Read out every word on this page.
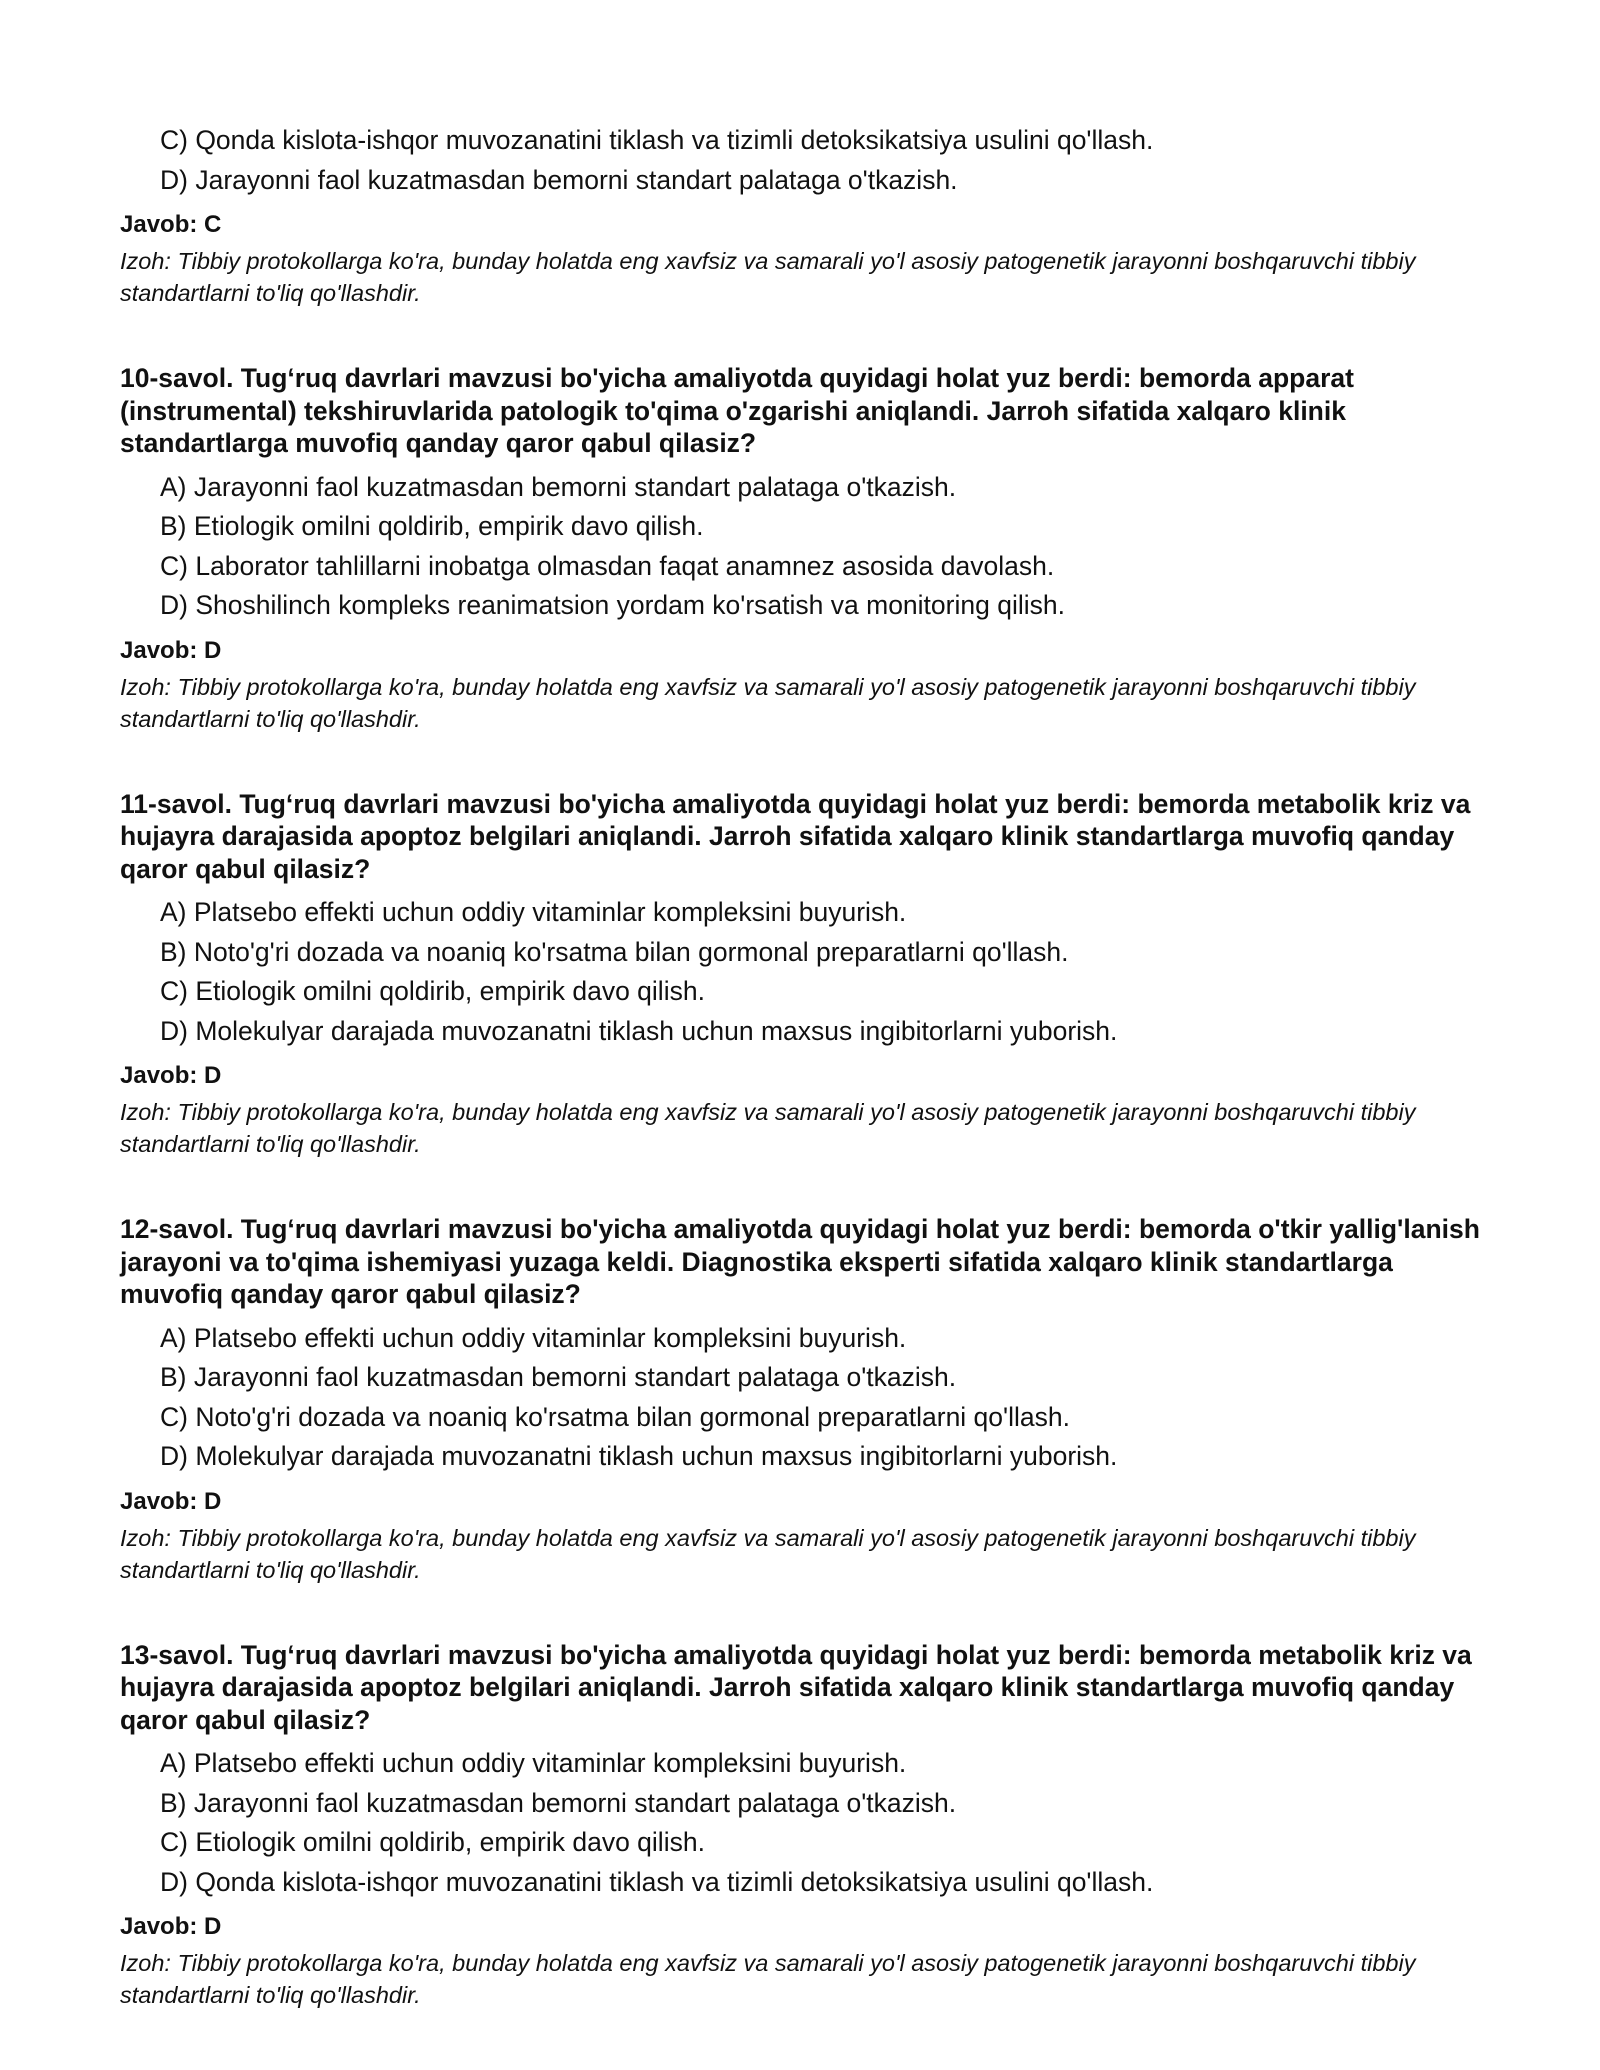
C) Qonda kislota-ishqor muvozanatini tiklash va tizimli detoksikatsiya usulini qo'llash.

D) Jarayonni faol kuzatmasdan bemorni standart palataga o'tkazish.

Javob: C

Izoh: Tibbiy protokollarga ko'ra, bunday holatda eng xavfsiz va samarali yo'l asosiy patogenetik jarayonni boshqaruvchi tibbiy standartlarni to'liq qo'llashdir.

10-savol. Tug‘ruq davrlari mavzusi bo'yicha amaliyotda quyidagi holat yuz berdi: bemorda apparat (instrumental) tekshiruvlarida patologik to'qima o'zgarishi aniqlandi. Jarroh sifatida xalqaro klinik standartlarga muvofiq qanday qaror qabul qilasiz?

A) Jarayonni faol kuzatmasdan bemorni standart palataga o'tkazish.

B) Etiologik omilni qoldirib, empirik davo qilish.

C) Laborator tahlillarni inobatga olmasdan faqat anamnez asosida davolash.

D) Shoshilinch kompleks reanimatsion yordam ko'rsatish va monitoring qilish.

Javob: D

Izoh: Tibbiy protokollarga ko'ra, bunday holatda eng xavfsiz va samarali yo'l asosiy patogenetik jarayonni boshqaruvchi tibbiy standartlarni to'liq qo'llashdir.

11-savol. Tug‘ruq davrlari mavzusi bo'yicha amaliyotda quyidagi holat yuz berdi: bemorda metabolik kriz va hujayra darajasida apoptoz belgilari aniqlandi. Jarroh sifatida xalqaro klinik standartlarga muvofiq qanday qaror qabul qilasiz?

A) Platsebo effekti uchun oddiy vitaminlar kompleksini buyurish.

B) Noto'g'ri dozada va noaniq ko'rsatma bilan gormonal preparatlarni qo'llash.

C) Etiologik omilni qoldirib, empirik davo qilish.

D) Molekulyar darajada muvozanatni tiklash uchun maxsus ingibitorlarni yuborish.

Javob: D

Izoh: Tibbiy protokollarga ko'ra, bunday holatda eng xavfsiz va samarali yo'l asosiy patogenetik jarayonni boshqaruvchi tibbiy standartlarni to'liq qo'llashdir.

12-savol. Tug‘ruq davrlari mavzusi bo'yicha amaliyotda quyidagi holat yuz berdi: bemorda o'tkir yallig'lanish jarayoni va to'qima ishemiyasi yuzaga keldi. Diagnostika eksperti sifatida xalqaro klinik standartlarga muvofiq qanday qaror qabul qilasiz?

A) Platsebo effekti uchun oddiy vitaminlar kompleksini buyurish.

B) Jarayonni faol kuzatmasdan bemorni standart palataga o'tkazish.

C) Noto'g'ri dozada va noaniq ko'rsatma bilan gormonal preparatlarni qo'llash.

D) Molekulyar darajada muvozanatni tiklash uchun maxsus ingibitorlarni yuborish.

Javob: D

Izoh: Tibbiy protokollarga ko'ra, bunday holatda eng xavfsiz va samarali yo'l asosiy patogenetik jarayonni boshqaruvchi tibbiy standartlarni to'liq qo'llashdir.

13-savol. Tug‘ruq davrlari mavzusi bo'yicha amaliyotda quyidagi holat yuz berdi: bemorda metabolik kriz va hujayra darajasida apoptoz belgilari aniqlandi. Jarroh sifatida xalqaro klinik standartlarga muvofiq qanday qaror qabul qilasiz?

A) Platsebo effekti uchun oddiy vitaminlar kompleksini buyurish.

B) Jarayonni faol kuzatmasdan bemorni standart palataga o'tkazish.

C) Etiologik omilni qoldirib, empirik davo qilish.

D) Qonda kislota-ishqor muvozanatini tiklash va tizimli detoksikatsiya usulini qo'llash.

Javob: D

Izoh: Tibbiy protokollarga ko'ra, bunday holatda eng xavfsiz va samarali yo'l asosiy patogenetik jarayonni boshqaruvchi tibbiy standartlarni to'liq qo'llashdir.
